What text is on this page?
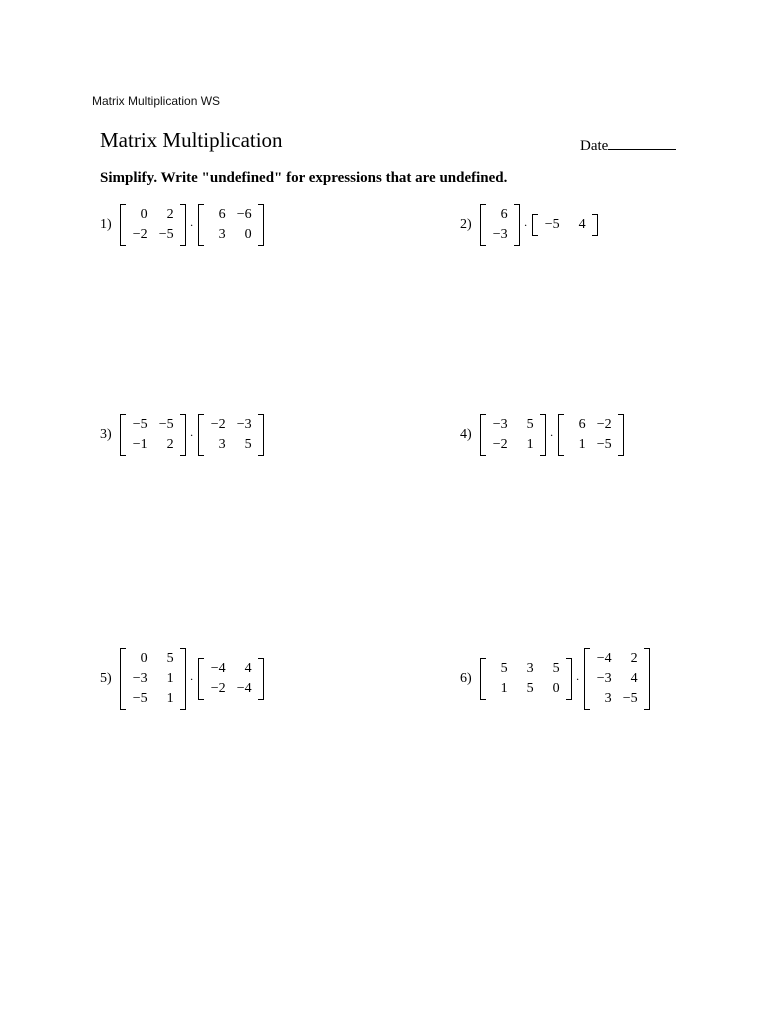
Matrix Multiplication WS
Matrix Multiplication	Date
Simplify. Write "undefined" for expressions that are undefined.
1)
0	2
−2 −5
·
6 −6
3	0
2)
6
−3
· −5	4
3)
−5 −5
−1	2
·
−2 −3
3	5
4)
−3	5
−2	1
·
6 −2
1 −5
5)
0	5
−3	1
−5	1
·
−4	4
−2 −4
6)
5	3	5
1	5	0
·
−4	2
−3	4
3 −5
